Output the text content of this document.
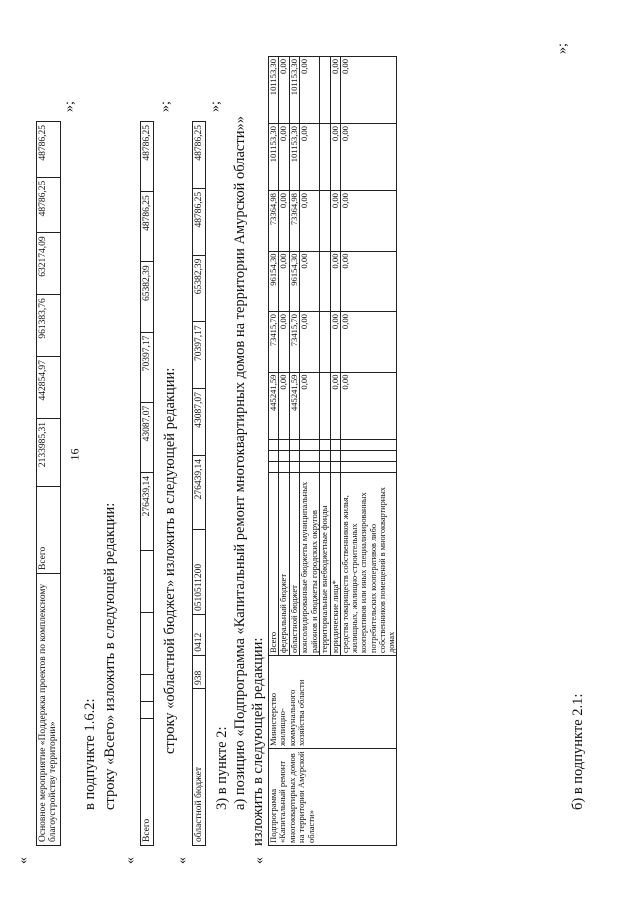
16
«
Основное мероприятие «Поддержка проектов по комплексному благоустройству территории»	Всего	2133985,31	442854,97	961383,76	632174,09	48786,25	48786,25
»;
в подпункте 1.6.2: строку «Всего» изложить в следующей редакции:
«
Всего					276439,14	43087,07	70397,17	65382,39	48786,25	48786,25
»;
строку «областной бюджет» изложить в следующей редакции:
«
областной бюджет	938	0412	0510511200	276439,14	43087,07	70397,17	65382,39	48786,25	48786,25
»;
3) в пункте 2: а) позицию «Подпрограмма «Капитальный ремонт многоквартирных домов на территории Амурской области»» изложить в следующей редакции:
«
Подпрограмма «Капитальный ремонт многоквартирных домов на территории Амурской области»	Министерство жилищно-коммунального хозяйства области	Всего				445241,59	73415,70	96154,30	73364,98	101153,30	101153,30
		федеральный бюджет				0,00	0,00	0,00	0,00	0,00	0,00
		областной бюджет				445241,59	73415,70	96154,30	73364,98	101153,30	101153,30
		консолидированные бюджеты муниципальных районов и бюджеты городских округов				0,00	0,00	0,00	0,00	0,00	0,00
		территориальные внебюджетные фонды									
		юридические лица*				0,00	0,00	0,00	0,00	0,00	0,00
		средства товариществ собственников жилья, жилищных, жилищно-строительных кооперативов или иных специализированных потребительских кооперативов либо собственников помещений в многоквартирных домах				0,00	0,00	0,00	0,00	0,00	0,00
»;
б) в подпункте 2.1:
